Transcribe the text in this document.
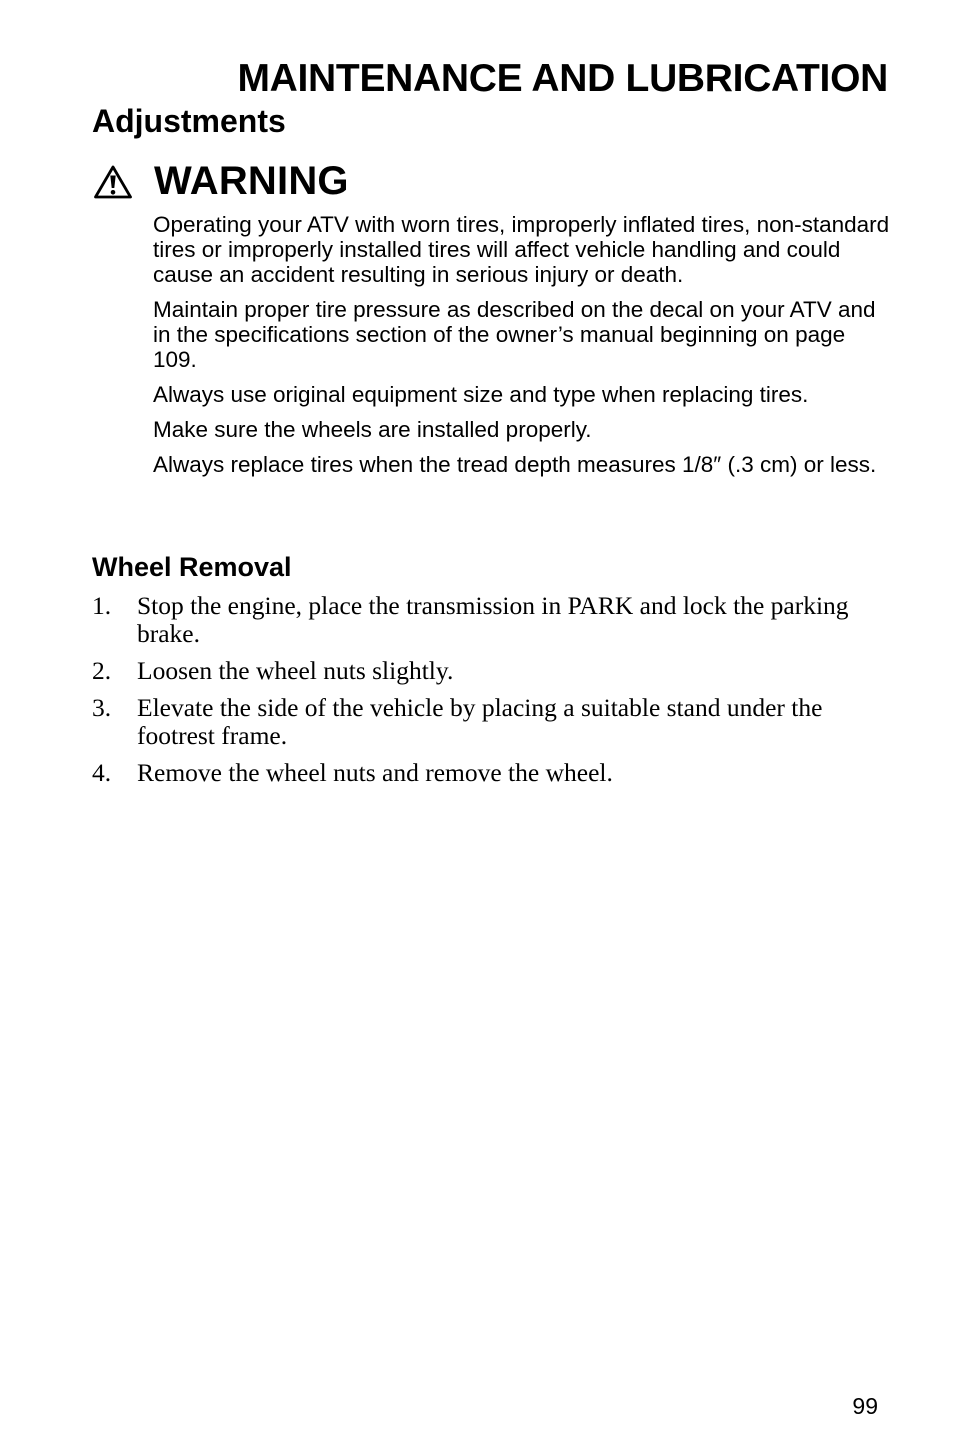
MAINTENANCE AND LUBRICATION
Adjustments
WARNING

Operating your ATV with worn tires, improperly inflated tires, non-standard tires or improperly installed tires will affect vehicle handling and could cause an accident resulting in serious injury or death.

Maintain proper tire pressure as described on the decal on your ATV and in the specifications section of the owner’s manual beginning on page 109.

Always use original equipment size and type when replacing tires.

Make sure the wheels are installed properly.

Always replace tires when the tread depth measures 1/8″ (.3 cm) or less.

Wheel Removal
1.	Stop the engine, place the transmission in PARK and lock the parking brake.
2.	Loosen the wheel nuts slightly.
3.	Elevate the side of the vehicle by placing a suitable stand under the footrest frame.
4.	Remove the wheel nuts and remove the wheel.

99
